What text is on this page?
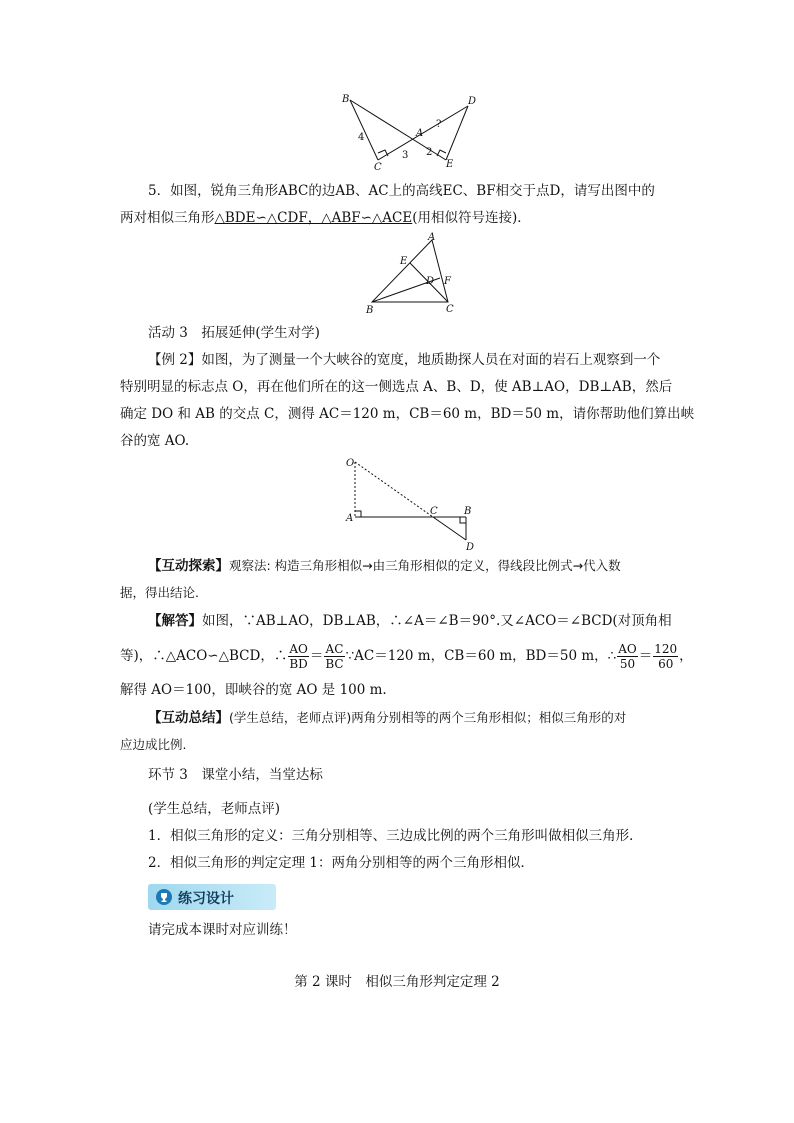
B
C
A
D
E
4
3 2
?
5．如图，锐角三角形ABC的边AB、AC上的高线EC、BF相交于点D，请写出图中的
两对相似三角形△BDE∽△CDF，△ABF∽△ACE(用相似符号连接)．
A
E
D F
B	C
活动 3　拓展延伸(学生对学)
【例 2】如图，为了测量一个大峡谷的宽度，地质勘探人员在对面的岩石上观察到一个
特别明显的标志点 O，再在他们所在的这一侧选点 A、B、D，使 AB⊥AO，DB⊥AB，然后
确定 DO 和 AB 的交点 C，测得 AC＝120 m，CB＝60 m，BD＝50 m，请你帮助他们算出峡
谷的宽 AO.
O
A
C	B
D
【互动探索】观察法: 构造三角形相似→由三角形相似的定义，得线段比例式→代入数
据，得出结论.
【解答】如图，∵AB⊥AO，DB⊥AB，∴∠A＝∠B＝90°.又∠ACO＝∠BCD(对顶角相
等)，∴△ACO∽△BCD，∴ $\frac{AO}{BD} = \frac{AC}{BC}$ ∵AC＝120 m，CB＝60 m，BD＝50 m，∴ $\frac{AO}{50} = \frac{120}{60}$ ，
解得 AO＝100，即峡谷的宽 AO 是 100 m.
【互动总结】(学生总结，老师点评)两角分别相等的两个三角形相似；相似三角形的对
应边成比例.
环节 3　课堂小结，当堂达标
(学生总结，老师点评)
1．相似三角形的定义：三角分别相等、三边成比例的两个三角形叫做相似三角形．
2．相似三角形的判定定理 1：两角分别相等的两个三角形相似．
练习设计
请完成本课时对应训练！
第 2 课时　相似三角形判定定理 2
